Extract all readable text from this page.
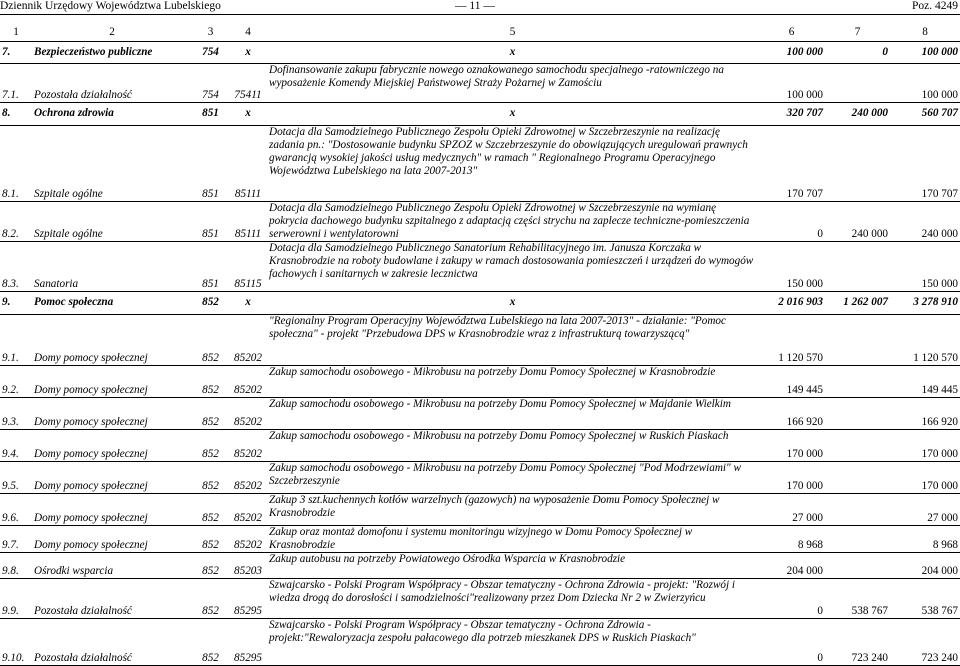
Dziennik Urzędowy Województwa Lubelskiego	— 11 —	Poz. 4249
1	2	3	4	5	6	7	8
7.	Bezpieczeństwo publiczne	754	x	x	100 000	0	100 000
7.1.	Pozostała działalność	754	75411	Dofinansowanie zakupu fabrycznie nowego oznakowanego samochodu specjalnego -ratowniczego na wyposażenie Komendy Miejskiej Państwowej Straży Pożarnej w Zamościu	100 000		100 000
8.	Ochrona zdrowia	851	x	x	320 707	240 000	560 707
8.1.	Szpitale ogólne	851	85111	Dotacja dla Samodzielnego Publicznego Zespołu Opieki Zdrowotnej w Szczebrzeszynie na realizację zadania pn.: "Dostosowanie budynku SPZOZ w Szczebrzeszynie do obowiązujących uregulowań prawnych gwarancją wysokiej jakości usług medycznych" w ramach " Regionalnego Programu Operacyjnego Województwa Lubelskiego na lata 2007-2013"	170 707		170 707
8.2.	Szpitale ogólne	851	85111	Dotacja dla Samodzielnego Publicznego Zespołu Opieki Zdrowotnej w Szczebrzeszynie na wymianę pokrycia dachowego budynku szpitalnego z adaptacją części strychu na zaplecze techniczne-pomieszczenia serwerowni i wentylatorowni	0	240 000	240 000
8.3.	Sanatoria	851	85115	Dotacja dla Samodzielnego Publicznego Sanatorium Rehabilitacyjnego im. Janusza Korczaka w Krasnobrodzie na roboty budowlane i zakupy w ramach dostosowania pomieszczeń i urządzeń do wymogów fachowych i sanitarnych w zakresie lecznictwa	150 000		150 000
9.	Pomoc społeczna	852	x	x	2 016 903	1 262 007	3 278 910
9.1.	Domy pomocy społecznej	852	85202	"Regionalny Program Operacyjny Województwa Lubelskiego na lata 2007-2013" - działanie: "Pomoc społeczna" - projekt "Przebudowa DPS w Krasnobrodzie wraz z infrastrukturą towarzyszącą"	1 120 570		1 120 570
9.2.	Domy pomocy społecznej	852	85202	Zakup samochodu osobowego - Mikrobusu na potrzeby Domu Pomocy Społecznej w Krasnobrodzie	149 445		149 445
9.3.	Domy pomocy społecznej	852	85202	Zakup samochodu osobowego - Mikrobusu na potrzeby Domu Pomocy Społecznej w Majdanie Wielkim	166 920		166 920
9.4.	Domy pomocy społecznej	852	85202	Zakup samochodu osobowego - Mikrobusu na potrzeby Domu Pomocy Społecznej w Ruskich Piaskach	170 000		170 000
9.5.	Domy pomocy społecznej	852	85202	Zakup samochodu osobowego - Mikrobusu na potrzeby Domu Pomocy Społecznej "Pod Modrzewiami" w Szczebrzeszynie	170 000		170 000
9.6.	Domy pomocy społecznej	852	85202	Zakup 3 szt.kuchennych kotłów warzelnych (gazowych) na wyposażenie Domu Pomocy Społecznej w Krasnobrodzie	27 000		27 000
9.7.	Domy pomocy społecznej	852	85202	Zakup oraz montaż domofonu i systemu monitoringu wizyjnego w Domu Pomocy Społecznej w Krasnobrodzie	8 968		8 968
9.8.	Ośrodki wsparcia	852	85203	Zakup autobusu na potrzeby Powiatowego Ośrodka Wsparcia w Krasnobrodzie	204 000		204 000
9.9.	Pozostała działalność	852	85295	Szwajcarsko - Polski Program Współpracy - Obszar tematyczny - Ochrona Zdrowia - projekt: "Rozwój i wiedza drogą do dorosłości i samodzielności"realizowany przez Dom Dziecka Nr 2 w Zwierzyńcu	0	538 767	538 767
9.10.	Pozostała działalność	852	85295	Szwajcarsko - Polski Program Współpracy - Obszar tematyczny - Ochrona Zdrowia - projekt:"Rewaloryzacja zespołu pałacowego dla potrzeb mieszkanek DPS w Ruskich Piaskach"	0	723 240	723 240
